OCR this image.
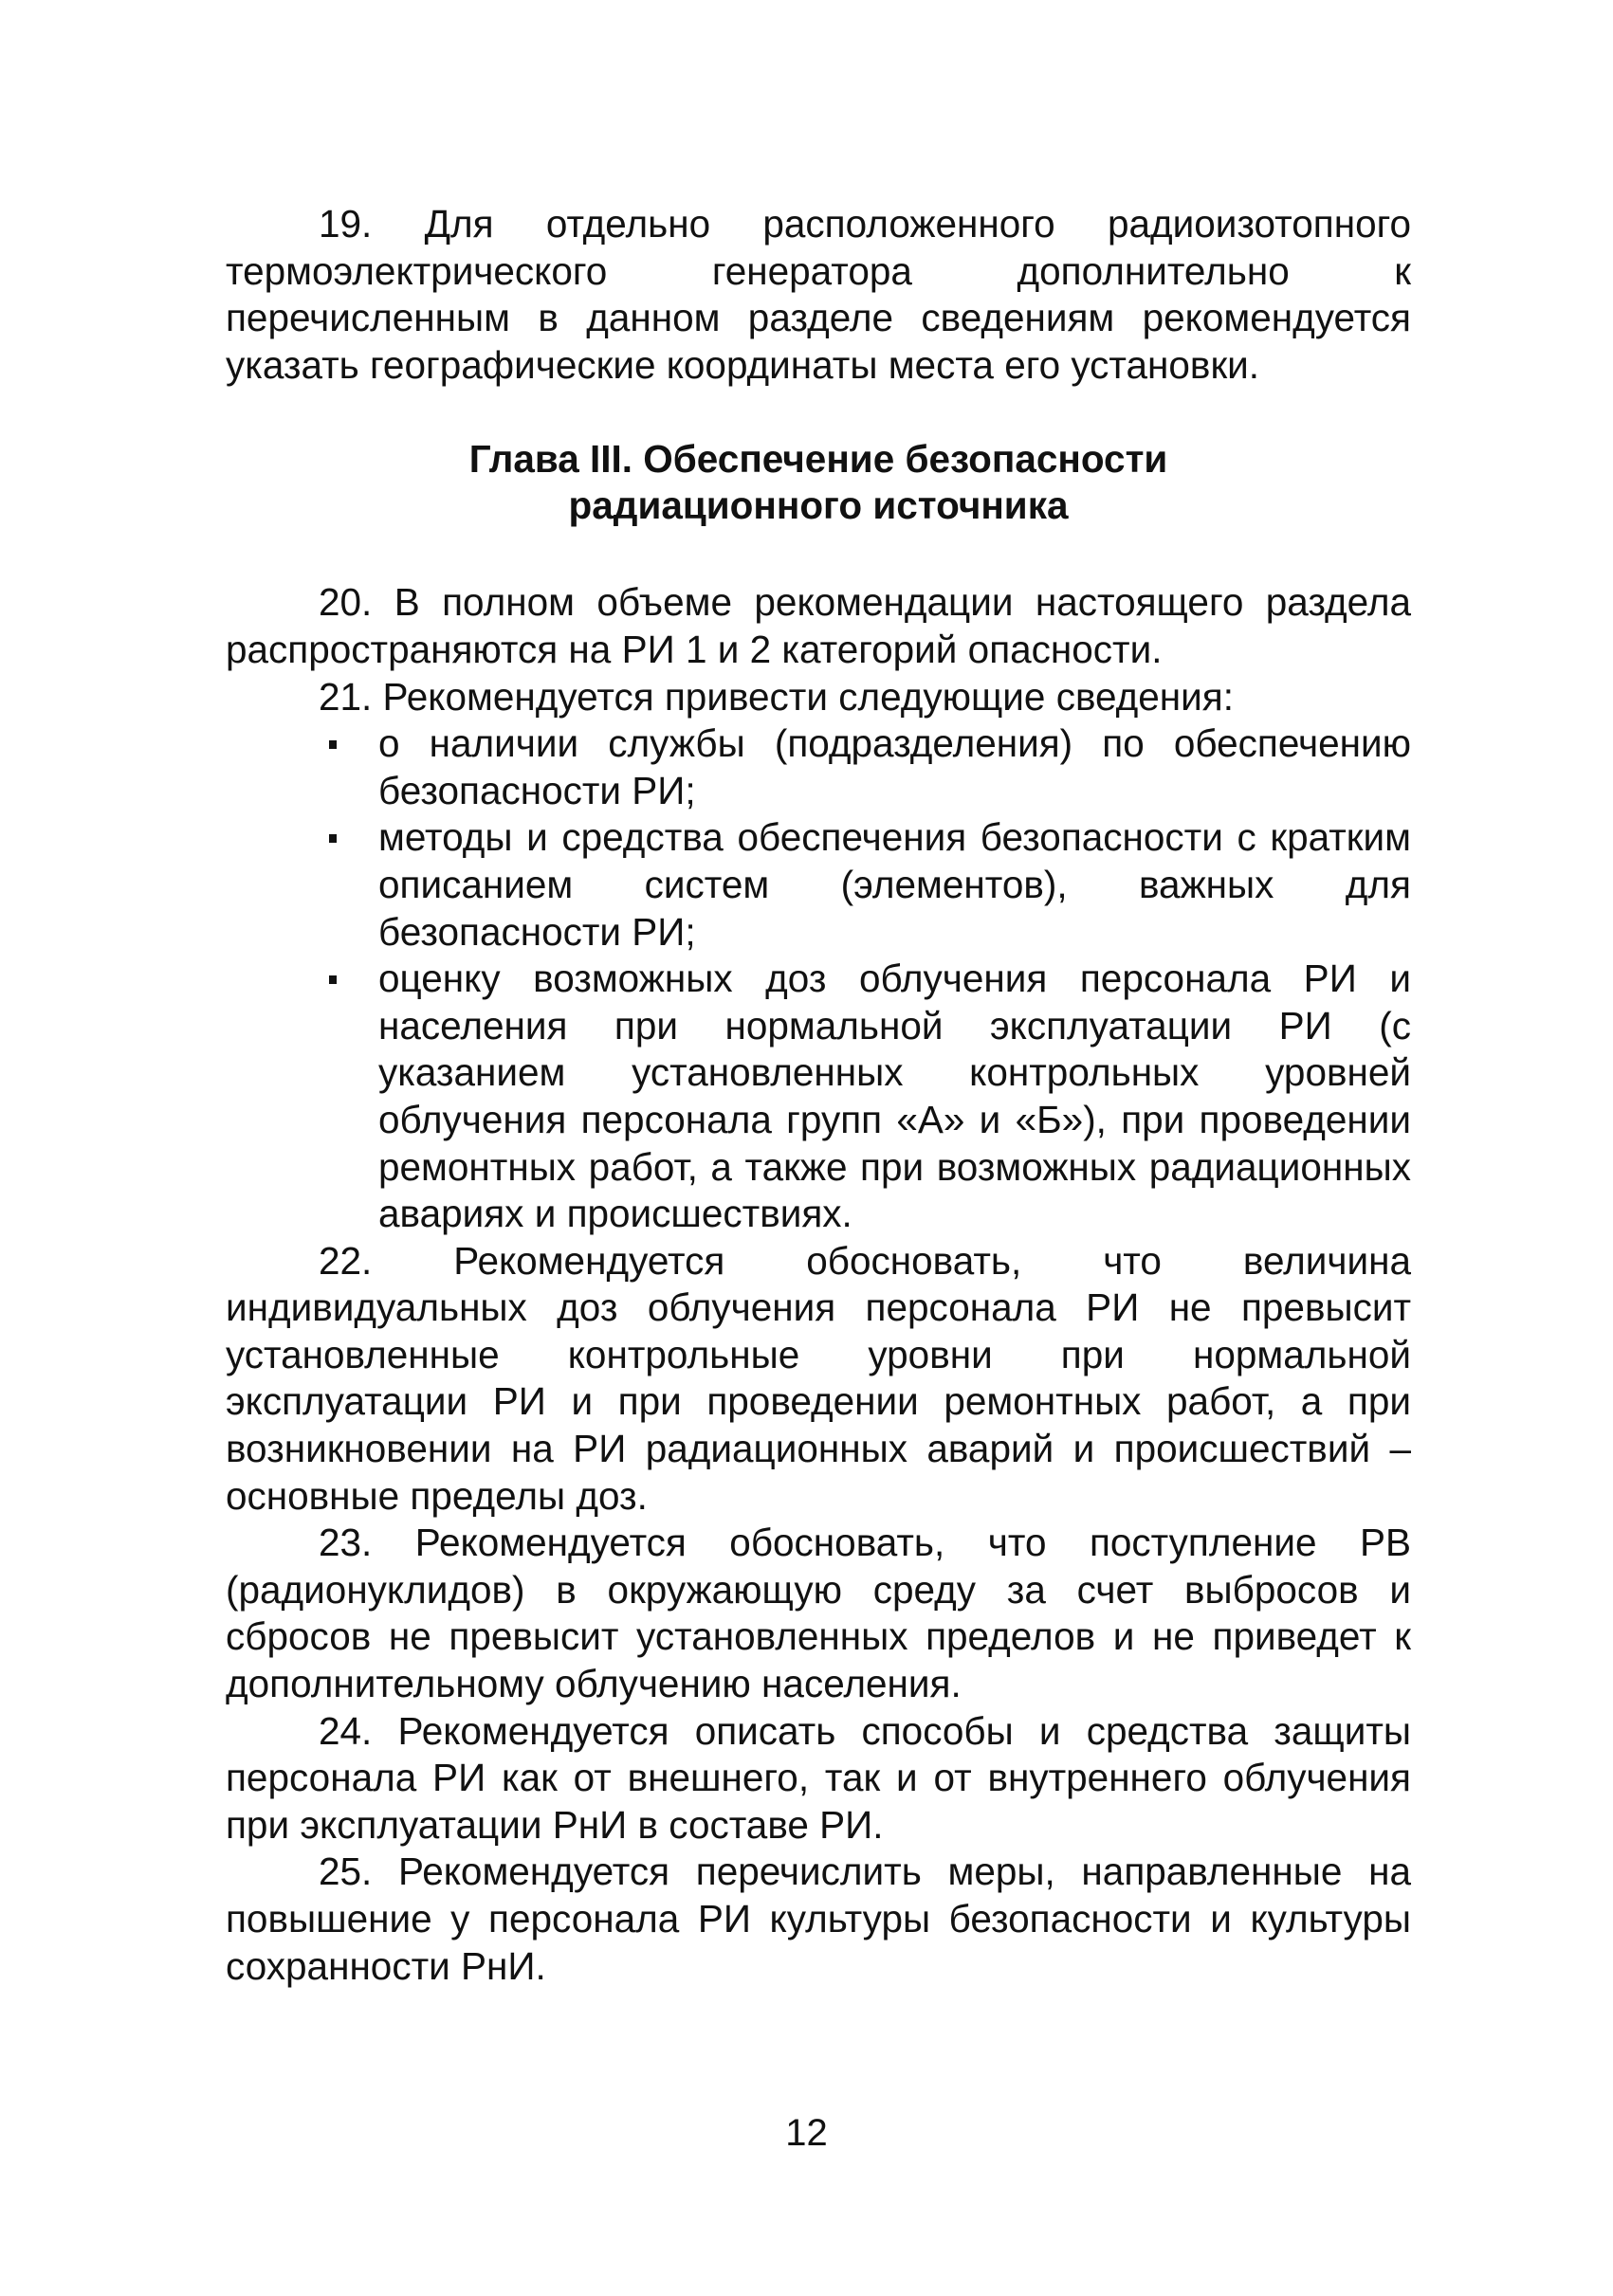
19. Для отдельно расположенного радиоизотопного термоэлектрического генератора дополнительно к перечисленным в данном разделе сведениям рекомендуется указать географические координаты места его установки.

Глава III. Обеспечение безопасности
радиационного источника

20. В полном объеме рекомендации настоящего раздела распространяются на РИ 1 и 2 категорий опасности.

21. Рекомендуется привести следующие сведения:

о наличии службы (подразделения) по обеспечению безопасности РИ;
методы и средства обеспечения безопасности с кратким описанием систем (элементов), важных для безопасности РИ;
оценку возможных доз облучения персонала РИ и населения при нормальной эксплуатации РИ (с указанием установленных контрольных уровней облучения персонала групп «А» и «Б»), при проведении ремонтных работ, а также при возможных радиационных авариях и происшествиях.

22. Рекомендуется обосновать, что величина индивидуальных доз облучения персонала РИ не превысит установленные контрольные уровни при нормальной эксплуатации РИ и при проведении ремонтных работ, а при возникновении на РИ радиационных аварий и происшествий – основные пределы доз.

23. Рекомендуется обосновать, что поступление РВ (радионуклидов) в окружающую среду за счет выбросов и сбросов не превысит установленных пределов и не приведет к дополнительному облучению населения.

24. Рекомендуется описать способы и средства защиты персонала РИ как от внешнего, так и от внутреннего облучения при эксплуатации РнИ в составе РИ.

25. Рекомендуется перечислить меры, направленные на повышение у персонала РИ культуры безопасности и культуры сохранности РнИ.

12
